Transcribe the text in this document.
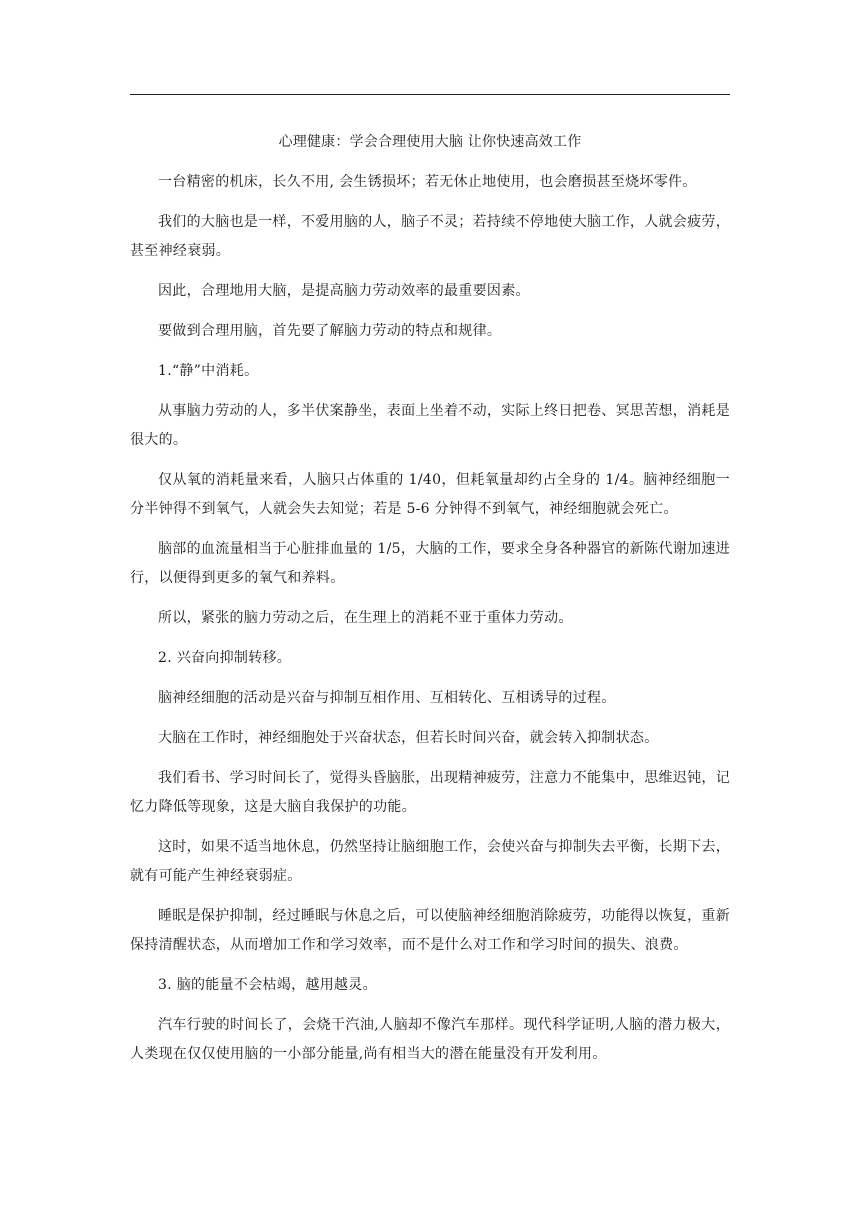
心理健康：学会合理使用大脑 让你快速高效工作

一台精密的机床，长久不用, 会生锈损坏；若无休止地使用，也会磨损甚至烧坏零件。

我们的大脑也是一样，不爱用脑的人，脑子不灵；若持续不停地使大脑工作，人就会疲劳，甚至神经衰弱。

因此，合理地用大脑，是提高脑力劳动效率的最重要因素。

要做到合理用脑，首先要了解脑力劳动的特点和规律。

1.“静”中消耗。

从事脑力劳动的人，多半伏案静坐，表面上坐着不动，实际上终日把卷、冥思苦想，消耗是很大的。

仅从氧的消耗量来看，人脑只占体重的 1/40，但耗氧量却约占全身的 1/4。脑神经细胞一分半钟得不到氧气，人就会失去知觉；若是 5-6 分钟得不到氧气，神经细胞就会死亡。

脑部的血流量相当于心脏排血量的 1/5，大脑的工作，要求全身各种器官的新陈代谢加速进行，以便得到更多的氧气和养料。

所以，紧张的脑力劳动之后，在生理上的消耗不亚于重体力劳动。

2. 兴奋向抑制转移。

脑神经细胞的活动是兴奋与抑制互相作用、互相转化、互相诱导的过程。

大脑在工作时，神经细胞处于兴奋状态，但若长时间兴奋，就会转入抑制状态。

我们看书、学习时间长了，觉得头昏脑胀，出现精神疲劳，注意力不能集中，思维迟钝，记忆力降低等现象，这是大脑自我保护的功能。

这时，如果不适当地休息，仍然坚持让脑细胞工作，会使兴奋与抑制失去平衡，长期下去，就有可能产生神经衰弱症。

睡眠是保护抑制，经过睡眠与休息之后，可以使脑神经细胞消除疲劳，功能得以恢复，重新保持清醒状态，从而增加工作和学习效率，而不是什么对工作和学习时间的损失、浪费。

3. 脑的能量不会枯竭，越用越灵。

汽车行驶的时间长了，会烧干汽油,人脑却不像汽车那样。现代科学证明,人脑的潜力极大，人类现在仅仅使用脑的一小部分能量,尚有相当大的潜在能量没有开发利用。
